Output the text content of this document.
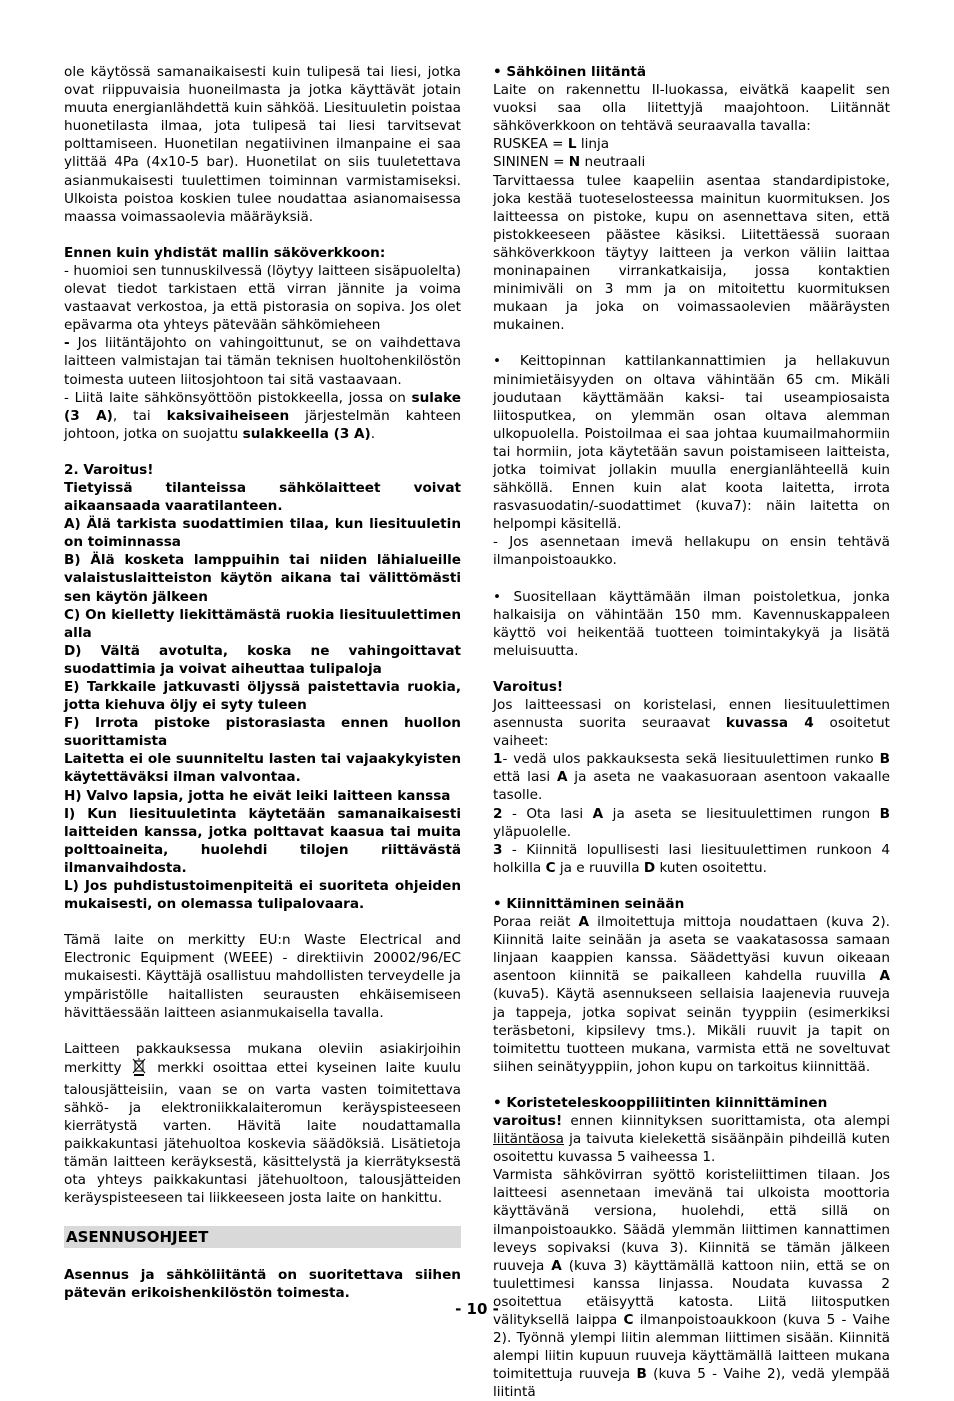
ole käytössä samanaikaisesti kuin tulipesä tai liesi, jotka ovat riippuvaisia huoneilmasta ja jotka käyttävät jotain muuta energianlähdettä kuin sähköä. Liesituuletin poistaa huonetilasta ilmaa, jota tulipesä tai liesi tarvitsevat polttamiseen. Huonetilan negatiivinen ilmanpaine ei saa ylittää 4Pa (4x10-5 bar). Huonetilat on siis tuuletettava asianmukaisesti tuulettimen toiminnan varmistamiseksi. Ulkoista poistoa koskien tulee noudattaa asianomaisessa maassa voimassaolevia määräyksiä.

Ennen kuin yhdistät mallin säköverkkoon:

- huomioi sen tunnuskilvessä (löytyy laitteen sisäpuolelta) olevat tiedot tarkistaen että virran jännite ja voima vastaavat verkostoa, ja että pistorasia on sopiva. Jos olet epävarma ota yhteys pätevään sähkömieheen

- Jos liitäntäjohto on vahingoittunut, se on vaihdettava laitteen valmistajan tai tämän teknisen huoltohenkilöstön toimesta uuteen liitosjohtoon tai sitä vastaavaan.

- Liitä laite sähkönsyöttöön pistokkeella, jossa on sulake (3 A), tai kaksivaiheiseen järjestelmän kahteen johtoon, jotka on suojattu sulakkeella (3 A).

2. Varoitus!

Tietyissä tilanteissa sähkölaitteet voivat aikaansaada vaaratilanteen.

A) Älä tarkista suodattimien tilaa, kun liesituuletin on toiminnassa

B) Älä kosketa lamppuihin tai niiden lähialueille valaistuslaitteiston käytön aikana tai välittömästi sen käytön jälkeen

C) On kielletty liekittämästä ruokia liesituulettimen alla

D) Vältä avotulta, koska ne vahingoittavat suodattimia ja voivat aiheuttaa tulipaloja

E) Tarkkaile jatkuvasti öljyssä paistettavia ruokia, jotta kiehuva öljy ei syty tuleen

F) Irrota pistoke pistorasiasta ennen huollon suorittamista

Laitetta ei ole suunniteltu lasten tai vajaakykyisten käytettäväksi ilman valvontaa.

H) Valvo lapsia, jotta he eivät leiki laitteen kanssa

I) Kun liesituuletinta käytetään samanaikaisesti laitteiden kanssa, jotka polttavat kaasua tai muita polttoaineita, huolehdi tilojen riittävästä ilmanvaihdosta.

L) Jos puhdistustoimenpiteitä ei suoriteta ohjeiden mukaisesti, on olemassa tulipalovaara.

Tämä laite on merkitty EU:n Waste Electrical and Electronic Equipment (WEEE) - direktiivin 20002/96/EC mukaisesti. Käyttäjä osallistuu mahdollisten terveydelle ja ympäristölle haitallisten seurausten ehkäisemiseen hävittäessään laitteen asianmukaisella tavalla.

Laitteen pakkauksessa mukana oleviin asiakirjoihin merkitty	merkki osoittaa ettei kyseinen laite kuulu talousjätteisiin, vaan se on varta vasten toimitettava sähkö- ja elektroniikkalaiteromun keräyspisteeseen kierrätystä varten. Hävitä laite noudattamalla paikkakuntasi jätehuoltoa koskevia säädöksiä. Lisätietoja tämän laitteen keräyksestä, käsittelystä ja kierrätyksestä ota yhteys paikkakuntasi jätehuoltoon, talousjätteiden keräyspisteeseen tai liikkeeseen josta laite on hankittu.

ASENNUSOHJEET

Asennus ja sähköliitäntä on suoritettava siihen pätevän erikoishenkilöstön toimesta.

• Sähköinen liitäntä

Laite on rakennettu II-luokassa, eivätkä kaapelit sen vuoksi saa olla liitettyjä maajohtoon. Liitännät sähköverkkoon on tehtävä seuraavalla tavalla:

RUSKEA = L linja

SININEN = N neutraali

Tarvittaessa tulee kaapeliin asentaa standardipistoke, joka kestää tuoteselosteessa mainitun kuormituksen. Jos laitteessa on pistoke, kupu on asennettava siten, että pistokkeeseen päästee käsiksi. Liitettäessä suoraan sähköverkkoon täytyy laitteen ja verkon väliin laittaa moninapainen virrankatkaisija, jossa kontaktien minimiväli on 3 mm ja on mitoitettu kuormituksen mukaan ja joka on voimassaolevien määräysten mukainen.

• Keittopinnan kattilankannattimien ja hellakuvun minimietäisyyden on oltava vähintään 65 cm. Mikäli joudutaan käyttämään kaksi- tai useampiosaista liitosputkea, on ylemmän osan oltava alemman ulkopuolella. Poistoilmaa ei saa johtaa kuumailmahormiin tai hormiin, jota käytetään savun poistamiseen laitteista, jotka toimivat jollakin muulla energianlähteellä kuin sähköllä. Ennen kuin alat koota laitetta, irrota rasvasuodatin/-suodattimet (kuva7): näin laitetta on helpompi käsitellä.

- Jos asennetaan imevä hellakupu on ensin tehtävä ilmanpoistoaukko.

• Suositellaan käyttämään ilman poistoletkua, jonka halkaisija on vähintään 150 mm. Kavennuskappaleen käyttö voi heikentää tuotteen toimintakykyä ja lisätä meluisuutta.

Varoitus!

Jos laitteessasi on koristelasi, ennen liesituulettimen asennusta suorita seuraavat kuvassa 4 osoitetut vaiheet:

1- vedä ulos pakkauksesta sekä liesituulettimen runko B että lasi A ja aseta ne vaakasuoraan asentoon vakaalle tasolle.

2 - Ota lasi A ja aseta se liesituulettimen rungon B yläpuolelle.

3 - Kiinnitä lopullisesti lasi liesituulettimen runkoon 4 holkilla C ja e ruuvilla D kuten osoitettu.

• Kiinnittäminen seinään

Poraa reiät A ilmoitettuja mittoja noudattaen (kuva 2). Kiinnitä laite seinään ja aseta se vaakatasossa samaan linjaan kaappien kanssa. Säädettyäsi kuvun oikeaan asentoon kiinnitä se paikalleen kahdella ruuvilla A (kuva5). Käytä asennukseen sellaisia laajenevia ruuveja ja tappeja, jotka sopivat seinän tyyppiin (esimerkiksi teräsbetoni, kipsilevy tms.). Mikäli ruuvit ja tapit on toimitettu tuotteen mukana, varmista että ne soveltuvat siihen seinätyyppiin, johon kupu on tarkoitus kiinnittää.

• Koristeteleskooppiliitinten kiinnittäminen

varoitus! ennen kiinnityksen suorittamista, ota alempi liitäntäosa ja taivuta kielekettä sisäänpäin pihdeillä kuten osoitettu kuvassa 5 vaiheessa 1.

Varmista sähkövirran syöttö koristeliittimen tilaan. Jos laitteesi asennetaan imevänä tai ulkoista moottoria käyttävänä versiona, huolehdi, että sillä on ilmanpoistoaukko. Säädä ylemmän liittimen kannattimen leveys sopivaksi (kuva 3). Kiinnitä se tämän jälkeen ruuveja A (kuva 3) käyttämällä kattoon niin, että se on tuulettimesi kanssa linjassa. Noudata kuvassa 2 osoitettua etäisyyttä katosta. Liitä liitosputken välityksellä laippa C ilmanpoistoaukkoon (kuva 5 - Vaihe 2). Työnnä ylempi liitin alemman liittimen sisään. Kiinnitä alempi liitin kupuun ruuveja käyttämällä laitteen mukana toimitettuja ruuveja B (kuva 5 - Vaihe 2), vedä ylempää liitintä

- 10 -
